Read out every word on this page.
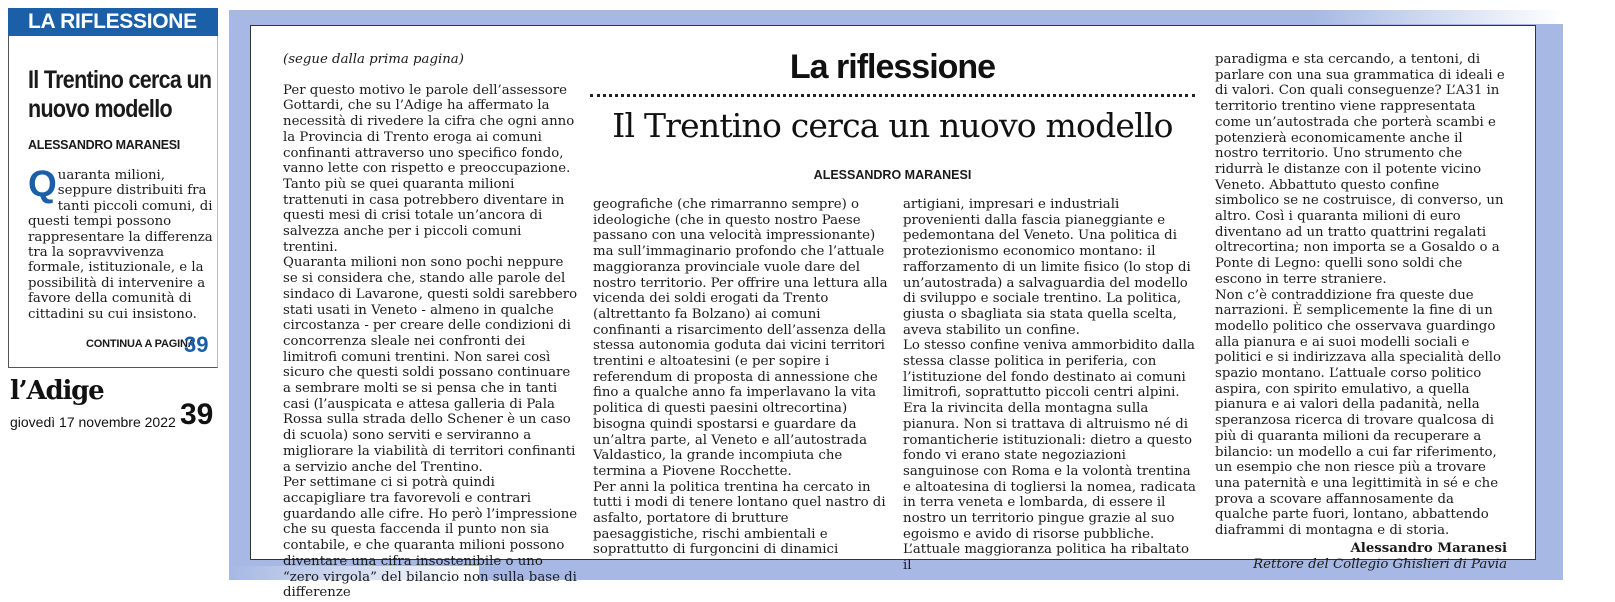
LA RIFLESSIONE
Il Trentino cerca un nuovo modello
ALESSANDRO MARANESI
Quaranta milioni, seppure distribuiti fra tanti piccoli comuni, di questi tempi possono rappresentare la differenza tra la sopravvivenza formale, istituzionale, e la possibilità di intervenire a favore della comunità di cittadini su cui insistono.
CONTINUA A PAGINA
39
l’Adige
giovedì 17 novembre 2022 39
La riflessione
Il Trentino cerca un nuovo modello
ALESSANDRO MARANESI

(segue dalla prima pagina)

Per questo motivo le parole dell’assessore Gottardi, che su l’Adige ha affermato la necessità di rivedere la cifra che ogni anno la Provincia di Trento eroga ai comuni confinanti attraverso uno specifico fondo, vanno lette con rispetto e preoccupazione. Tanto più se quei quaranta milioni trattenuti in casa potrebbero diventare in questi mesi di crisi totale un’ancora di salvezza anche per i piccoli comuni trentini.

Quaranta milioni non sono pochi neppure se si considera che, stando alle parole del sindaco di Lavarone, questi soldi sarebbero stati usati in Veneto - almeno in qualche circostanza - per creare delle condizioni di concorrenza sleale nei confronti dei limitrofi comuni trentini. Non sarei così sicuro che questi soldi possano continuare a sembrare molti se si pensa che in tanti casi (l’auspicata e attesa galleria di Pala Rossa sulla strada dello Schener è un caso di scuola) sono serviti e serviranno a migliorare la viabilità di territori confinanti a servizio anche del Trentino.

Per settimane ci si potrà quindi accapigliare tra favorevoli e contrari guardando alle cifre. Ho però l’impressione che su questa faccenda il punto non sia contabile, e che quaranta milioni possono diventare una cifra insostenibile o uno “zero virgola” del bilancio non sulla base di differenze

geografiche (che rimarranno sempre) o ideologiche (che in questo nostro Paese passano con una velocità impressionante) ma sull’immaginario profondo che l’attuale maggioranza provinciale vuole dare del nostro territorio. Per offrire una lettura alla vicenda dei soldi erogati da Trento (altrettanto fa Bolzano) ai comuni confinanti a risarcimento dell’assenza della stessa autonomia goduta dai vicini territori trentini e altoatesini (e per sopire i referendum di proposta di annessione che fino a qualche anno fa imperlavano la vita politica di questi paesini oltrecortina) bisogna quindi spostarsi e guardare da un’altra parte, al Veneto e all’autostrada Valdastico, la grande incompiuta che termina a Piovene Rocchette.

Per anni la politica trentina ha cercato in tutti i modi di tenere lontano quel nastro di asfalto, portatore di brutture paesaggistiche, rischi ambientali e soprattutto di furgoncini di dinamici

artigiani, impresari e industriali provenienti dalla fascia pianeggiante e pedemontana del Veneto. Una politica di protezionismo economico montano: il rafforzamento di un limite fisico (lo stop di un’autostrada) a salvaguardia del modello di sviluppo e sociale trentino. La politica, giusta o sbagliata sia stata quella scelta, aveva stabilito un confine.

Lo stesso confine veniva ammorbidito dalla stessa classe politica in periferia, con l’istituzione del fondo destinato ai comuni limitrofi, soprattutto piccoli centri alpini. Era la rivincita della montagna sulla pianura. Non si trattava di altruismo né di romanticherie istituzionali: dietro a questo fondo vi erano state negoziazioni sanguinose con Roma e la volontà trentina e altoatesina di togliersi la nomea, radicata in terra veneta e lombarda, di essere il nostro un territorio pingue grazie al suo egoismo e avido di risorse pubbliche.

L’attuale maggioranza politica ha ribaltato il

paradigma e sta cercando, a tentoni, di parlare con una sua grammatica di ideali e di valori. Con quali conseguenze? L’A31 in territorio trentino viene rappresentata come un’autostrada che porterà scambi e potenzierà economicamente anche il nostro territorio. Uno strumento che ridurrà le distanze con il potente vicino Veneto. Abbattuto questo confine simbolico se ne costruisce, di converso, un altro. Così i quaranta milioni di euro diventano ad un tratto quattrini regalati oltrecortina; non importa se a Gosaldo o a Ponte di Legno: quelli sono soldi che escono in terre straniere.

Non c’è contraddizione fra queste due narrazioni. È semplicemente la fine di un modello politico che osservava guardingo alla pianura e ai suoi modelli sociali e politici e si indirizzava alla specialità dello spazio montano. L’attuale corso politico aspira, con spirito emulativo, a quella pianura e ai valori della padanità, nella speranzosa ricerca di trovare qualcosa di più di quaranta milioni da recuperare a bilancio: un modello a cui far riferimento, un esempio che non riesce più a trovare una paternità e una legittimità in sé e che prova a scovare affannosamente da qualche parte fuori, lontano, abbattendo diaframmi di montagna e di storia.

Alessandro Maranesi

Rettore del Collegio Ghislieri di Pavia
